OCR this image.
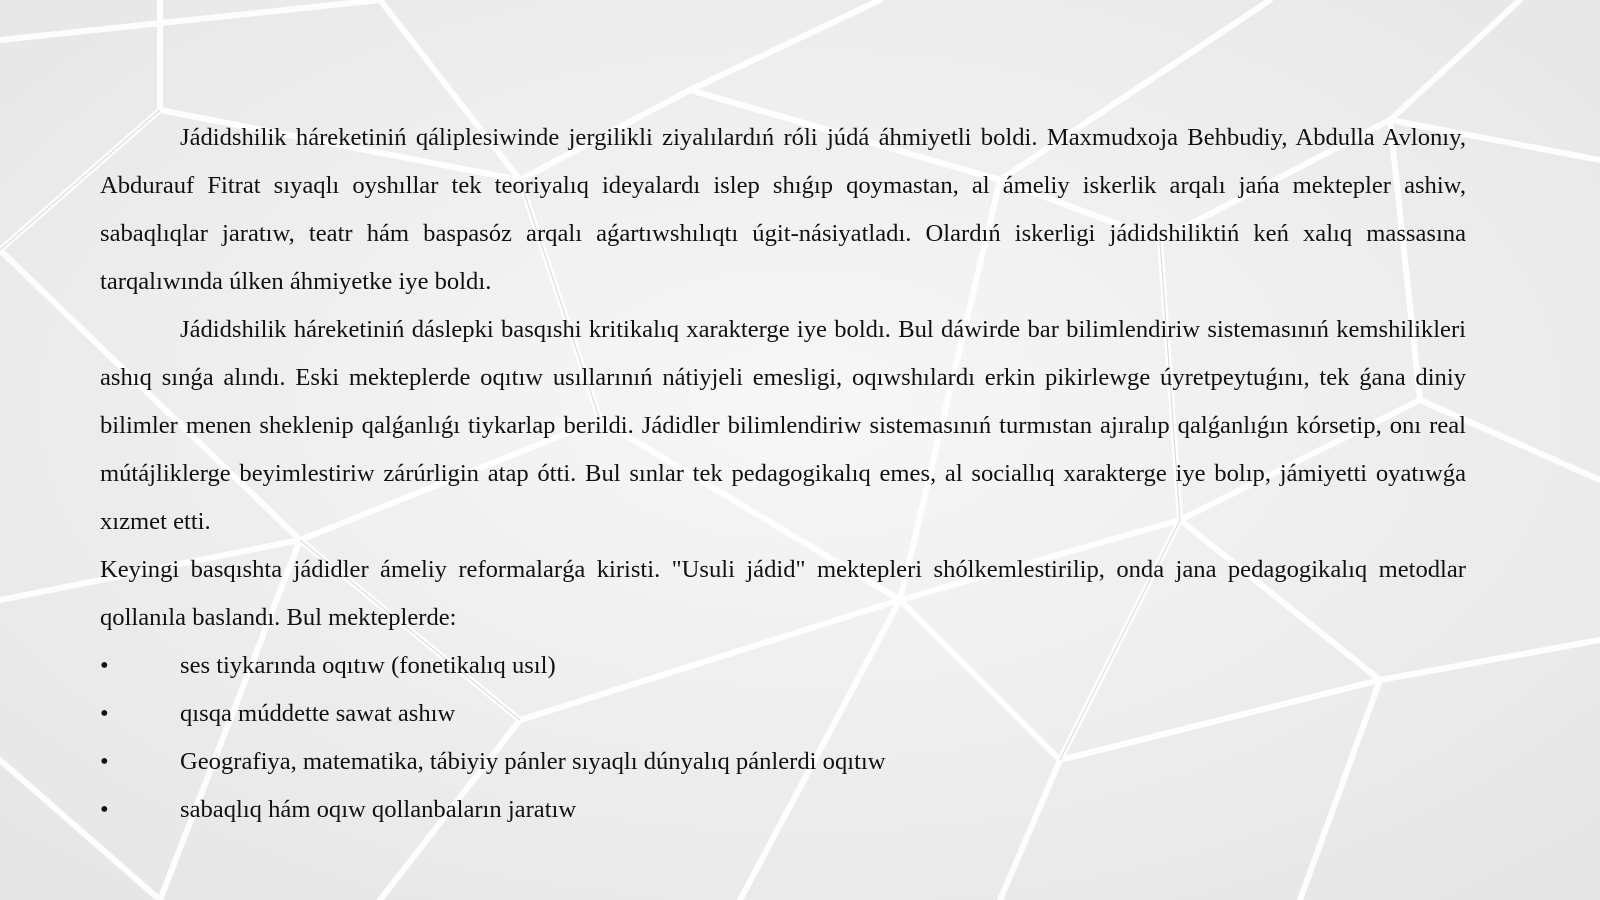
Jádidshilik háreketiniń qáliplesiwinde jergilikli ziyalılardıń róli júdá áhmiyetli boldi. Maxmudxoja Behbudiy, Abdulla Avlonıy, Abdurauf Fitrat sıyaqlı oyshıllar tek teoriyalıq ideyalardı islep shıǵıp qoymastan, al ámeliy iskerlik arqalı jańa mektepler ashiw, sabaqlıqlar jaratıw, teatr hám baspasóz arqalı aǵartıwshılıqtı úgit-násiyatladı. Olardıń iskerligi jádidshiliktiń keń xalıq massasına tarqalıwında úlken áhmiyetke iye boldı.

Jádidshilik háreketiniń dáslepki basqıshi kritikalıq xarakterge iye boldı. Bul dáwirde bar bilimlendiriw sistemasınıń kemshilikleri ashıq sınǵa alındı. Eski mekteplerde oqıtıw usıllarınıń nátiyjeli emesligi, oqıwshılardı erkin pikirlewge úyretpeytuǵını, tek ǵana diniy bilimler menen sheklenip qalǵanlıǵı tiykarlap berildi. Jádidler bilimlendiriw sistemasınıń turmıstan ajıralıp qalǵanlıǵın kórsetip, onı real mútájliklerge beyimlestiriw zárúrligin atap ótti. Bul sınlar tek pedagogikalıq emes, al sociallıq xarakterge iye bolıp, jámiyetti oyatıwǵa xızmet etti.

Keyingi basqıshta jádidler ámeliy reformalarǵa kiristi. "Usuli jádid" mektepleri shólkemlestirilip, onda jana pedagogikalıq metodlar qollanıla baslandı. Bul mekteplerde:

•	ses tiykarında oqıtıw (fonetikalıq usıl)
•	qısqa múddette sawat ashıw
•	Geografiya, matematika, tábiyiy pánler sıyaqlı dúnyalıq pánlerdi oqıtıw
•	sabaqlıq hám oqıw qollanbaların jaratıw
